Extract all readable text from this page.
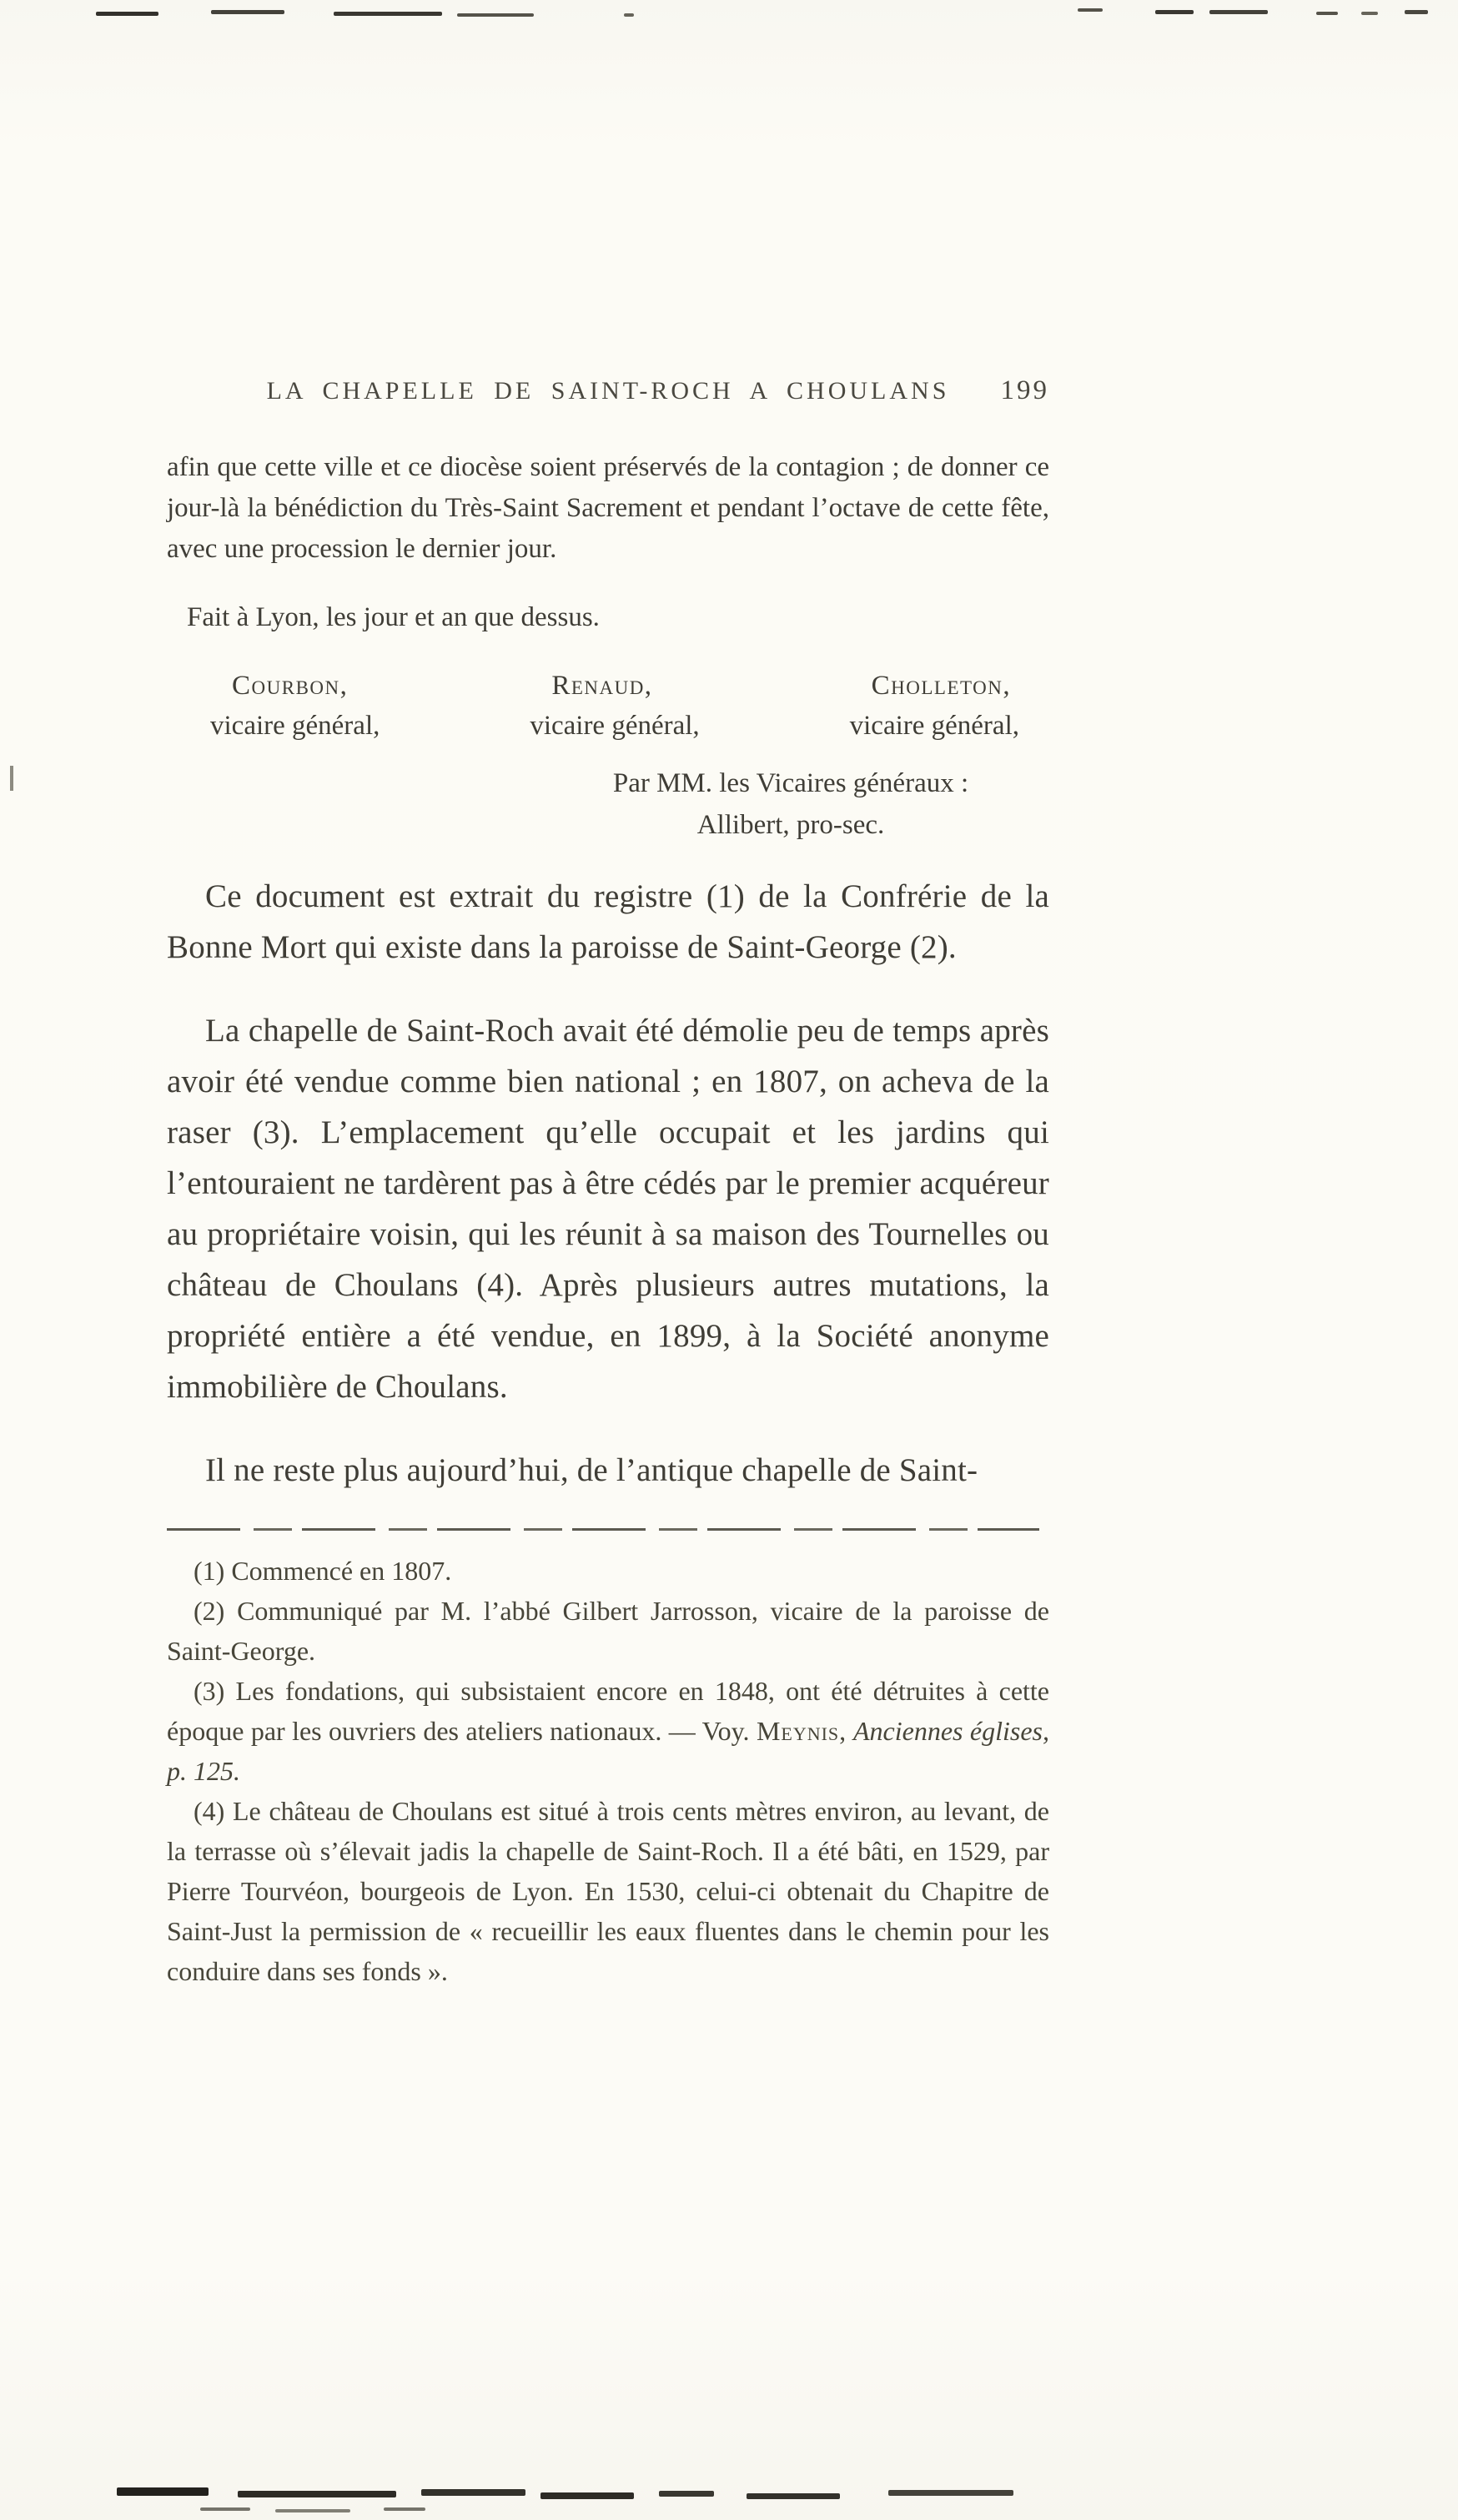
LA CHAPELLE DE SAINT-ROCH A CHOULANS 199

afin que cette ville et ce diocèse soient préservés de la contagion ; de donner ce jour-là la bénédiction du Très-Saint Sacrement et pendant l’octave de cette fête, avec une procession le dernier jour.

Fait à Lyon, les jour et an que dessus.

Courbon,
vicaire général,
Renaud,
vicaire général,
Cholleton,
vicaire général,
Par MM. les Vicaires généraux :
Allibert, pro-sec.

Ce document est extrait du registre (1) de la Confrérie de la Bonne Mort qui existe dans la paroisse de Saint-George (2).

La chapelle de Saint-Roch avait été démolie peu de temps après avoir été vendue comme bien national ; en 1807, on acheva de la raser (3). L’emplacement qu’elle occupait et les jardins qui l’entouraient ne tardèrent pas à être cédés par le premier acquéreur au propriétaire voisin, qui les réunit à sa maison des Tournelles ou château de Choulans (4). Après plusieurs autres mutations, la propriété entière a été vendue, en 1899, à la Société anonyme immobilière de Choulans.

Il ne reste plus aujourd’hui, de l’antique chapelle de Saint-

(1) Commencé en 1807.

(2) Communiqué par M. l’abbé Gilbert Jarrosson, vicaire de la paroisse de Saint-George.

(3) Les fondations, qui subsistaient encore en 1848, ont été détruites à cette époque par les ouvriers des ateliers nationaux. — Voy. Meynis, Anciennes églises, p. 125.

(4) Le château de Choulans est situé à trois cents mètres environ, au levant, de la terrasse où s’élevait jadis la chapelle de Saint-Roch. Il a été bâti, en 1529, par Pierre Tourvéon, bourgeois de Lyon. En 1530, celui-ci obtenait du Chapitre de Saint-Just la permission de « recueillir les eaux fluentes dans le chemin pour les conduire dans ses fonds ».
